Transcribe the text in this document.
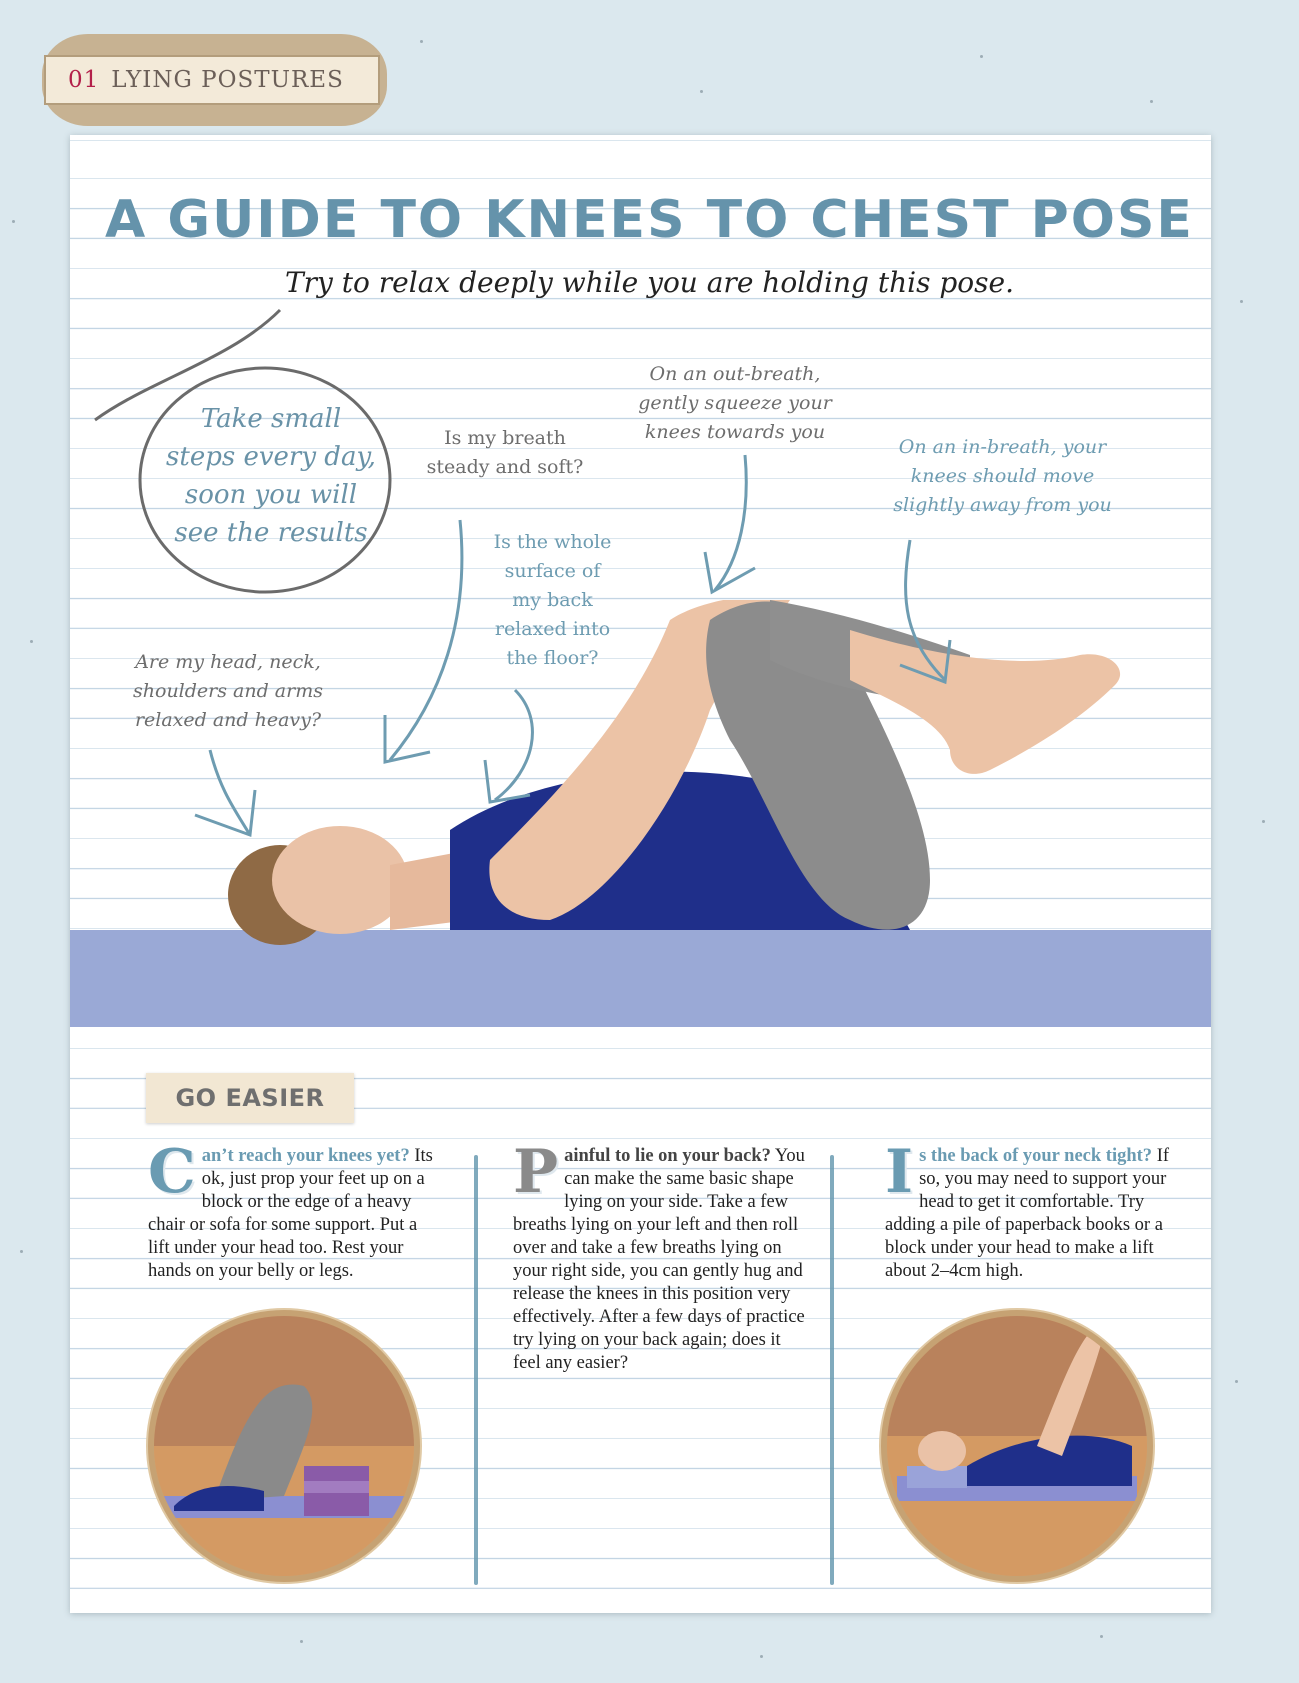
01 LYING POSTURES
A GUIDE TO KNEES TO CHEST POSE
Try to relax deeply while you are holding this pose.
Take small
steps every day,
soon you will
see the results
Are my head, neck,
shoulders and arms
relaxed and heavy?
Is my breath
steady and soft?
Is the whole
surface of
my back
relaxed into
the floor?
On an out-breath,
gently squeeze your
knees towards you
On an in-breath, your
knees should move
slightly away from you
GO EASIER
C an’t reach your knees yet? Its ok, just prop your feet up on a block or the edge of a heavy chair or sofa for some support. Put a lift under your head too. Rest your hands on your belly or legs.
P ainful to lie on your back? You can make the same basic shape lying on your side. Take a few breaths lying on your left and then roll over and take a few breaths lying on your right side, you can gently hug and release the knees in this position very effectively. After a few days of practice try lying on your back again; does it feel any easier?
I s the back of your neck tight? If so, you may need to support your head to get it comfortable. Try adding a pile of paperback books or a block under your head to make a lift about 2–4cm high.
